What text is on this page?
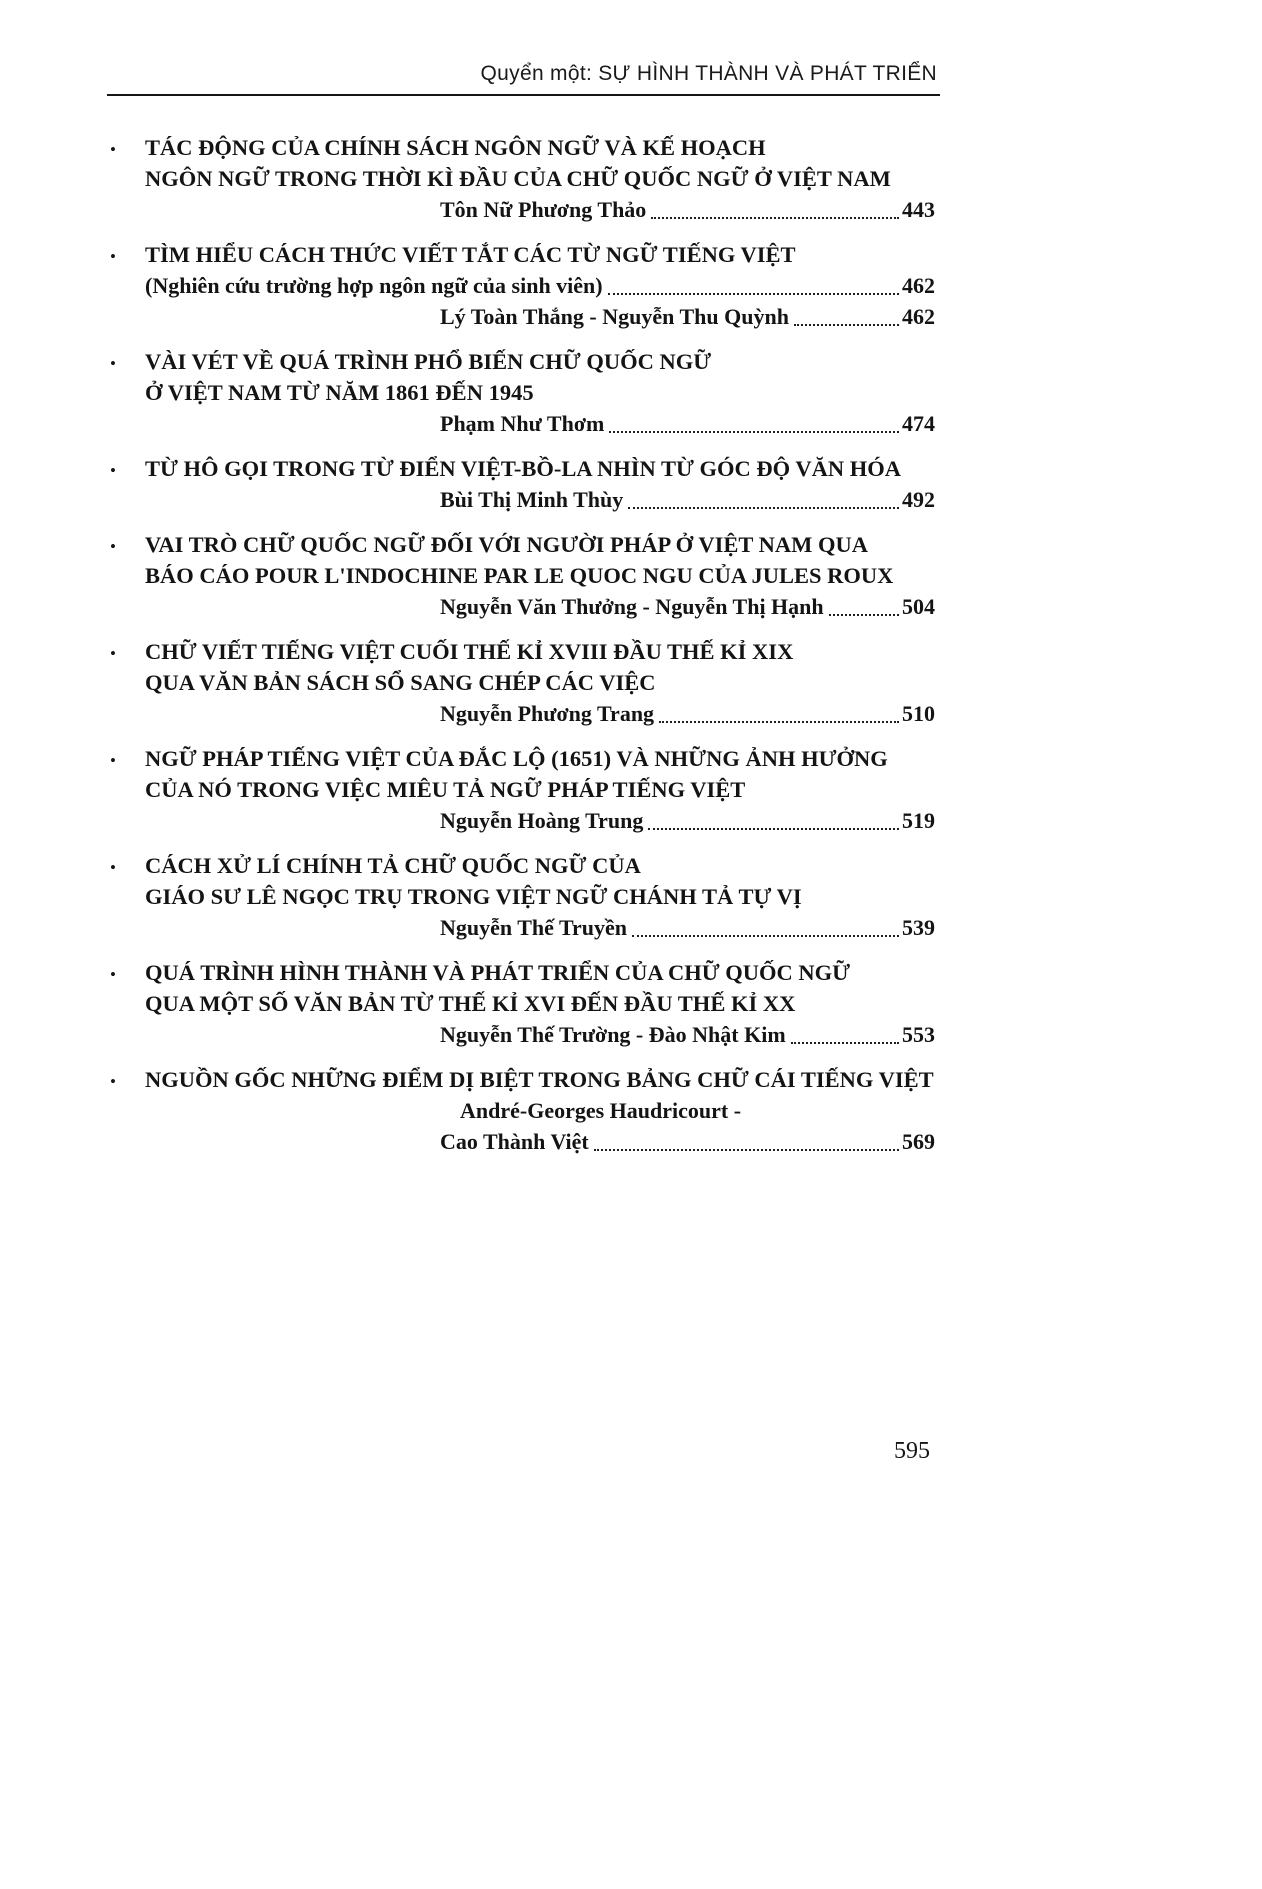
Quyển một: SỰ HÌNH THÀNH VÀ PHÁT TRIỂN
•	TÁC ĐỘNG CỦA CHÍNH SÁCH NGÔN NGỮ VÀ KẾ HOẠCH
NGÔN NGỮ TRONG THỜI KÌ ĐẦU CỦA CHỮ QUỐC NGỮ Ở VIỆT NAM
Tôn Nữ Phương Thảo	443
•	TÌM HIỂU CÁCH THỨC VIẾT TẮT CÁC TỪ NGỮ TIẾNG VIỆT
(Nghiên cứu trường hợp ngôn ngữ của sinh viên)	462
Lý Toàn Thắng - Nguyễn Thu Quỳnh	462
•	VÀI VÉT VỀ QUÁ TRÌNH PHỔ BIẾN CHỮ QUỐC NGỮ
Ở VIỆT NAM TỪ NĂM 1861 ĐẾN 1945
Phạm Như Thơm	474
•	TỪ HÔ GỌI TRONG TỪ ĐIỂN VIỆT-BỒ-LA NHÌN TỪ GÓC ĐỘ VĂN HÓA
Bùi Thị Minh Thùy	492
•	VAI TRÒ CHỮ QUỐC NGỮ ĐỐI VỚI NGƯỜI PHÁP Ở VIỆT NAM QUA
BÁO CÁO POUR L'INDOCHINE PAR LE QUOC NGU CỦA JULES ROUX
Nguyễn Văn Thưởng - Nguyễn Thị Hạnh	504
•	CHỮ VIẾT TIẾNG VIỆT CUỐI THẾ KỈ XVIII ĐẦU THẾ KỈ XIX
QUA VĂN BẢN SÁCH SỔ SANG CHÉP CÁC VIỆC
Nguyễn Phương Trang	510
•	NGỮ PHÁP TIẾNG VIỆT CỦA ĐẮC LỘ (1651) VÀ NHỮNG ẢNH HƯỞNG
CỦA NÓ TRONG VIỆC MIÊU TẢ NGỮ PHÁP TIẾNG VIỆT
Nguyễn Hoàng Trung	519
•	CÁCH XỬ LÍ CHÍNH TẢ CHỮ QUỐC NGỮ CỦA
GIÁO SƯ LÊ NGỌC TRỤ TRONG VIỆT NGỮ CHÁNH TẢ TỰ VỊ
Nguyễn Thế Truyền	539
•	QUÁ TRÌNH HÌNH THÀNH VÀ PHÁT TRIỂN CỦA CHỮ QUỐC NGỮ
QUA MỘT SỐ VĂN BẢN TỪ THẾ KỈ XVI ĐẾN ĐẦU THẾ KỈ XX
Nguyễn Thế Trường - Đào Nhật Kim	553
•	NGUỒN GỐC NHỮNG ĐIỂM DỊ BIỆT TRONG BẢNG CHỮ CÁI TIẾNG VIỆT
André-Georges Haudricourt -
Cao Thành Việt	569
595
